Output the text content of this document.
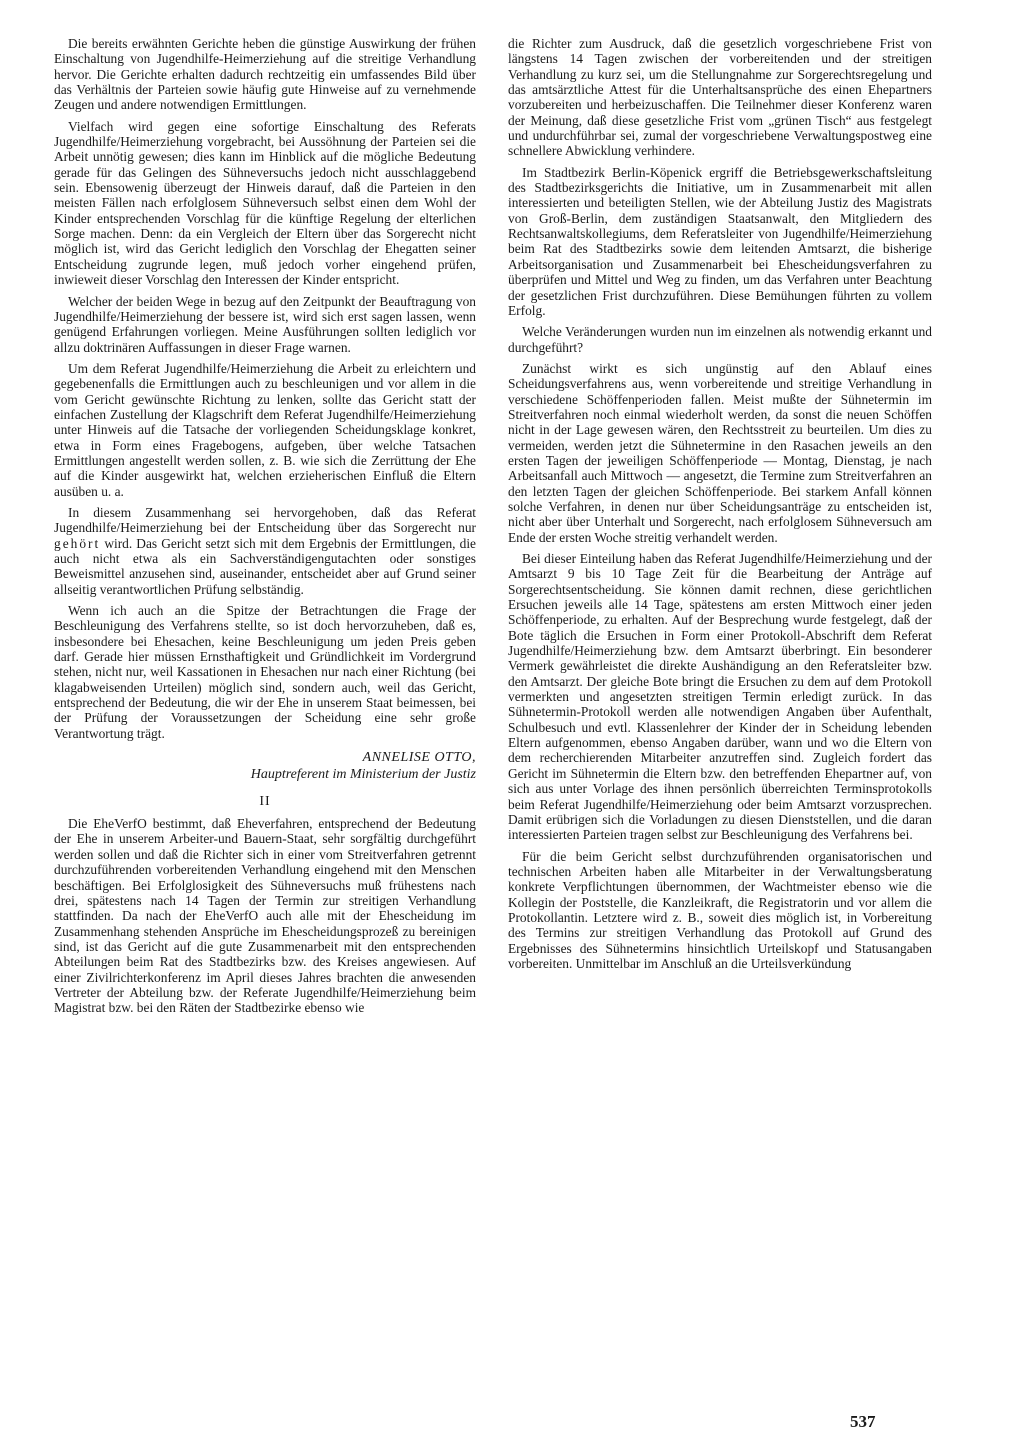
Die bereits erwähnten Gerichte heben die günstige Auswirkung der frühen Einschaltung von Jugendhilfe-Heimerziehung auf die streitige Verhandlung hervor. Die Gerichte erhalten dadurch rechtzeitig ein umfassendes Bild über das Verhältnis der Parteien sowie häufig gute Hinweise auf zu vernehmende Zeugen und andere notwendigen Ermittlungen.

Vielfach wird gegen eine sofortige Einschaltung des Referats Jugendhilfe/Heimerziehung vorgebracht, bei Aussöhnung der Parteien sei die Arbeit unnötig gewesen; dies kann im Hinblick auf die mögliche Bedeutung gerade für das Gelingen des Sühneversuchs jedoch nicht ausschlaggebend sein. Ebensowenig überzeugt der Hinweis darauf, daß die Parteien in den meisten Fällen nach erfolglosem Sühneversuch selbst einen dem Wohl der Kinder entsprechenden Vorschlag für die künftige Regelung der elterlichen Sorge machen. Denn: da ein Vergleich der Eltern über das Sorgerecht nicht möglich ist, wird das Gericht lediglich den Vorschlag der Ehegatten seiner Entscheidung zugrunde legen, muß jedoch vorher eingehend prüfen, inwieweit dieser Vorschlag den Interessen der Kinder entspricht.

Welcher der beiden Wege in bezug auf den Zeitpunkt der Beauftragung von Jugendhilfe/Heimerziehung der bessere ist, wird sich erst sagen lassen, wenn genügend Erfahrungen vorliegen. Meine Ausführungen sollten lediglich vor allzu doktrinären Auffassungen in dieser Frage warnen.

Um dem Referat Jugendhilfe/Heimerziehung die Arbeit zu erleichtern und gegebenenfalls die Ermittlungen auch zu beschleunigen und vor allem in die vom Gericht gewünschte Richtung zu lenken, sollte das Gericht statt der einfachen Zustellung der Klagschrift dem Referat Jugendhilfe/Heimerziehung unter Hinweis auf die Tatsache der vorliegenden Scheidungsklage konkret, etwa in Form eines Fragebogens, aufgeben, über welche Tatsachen Ermittlungen angestellt werden sollen, z. B. wie sich die Zerrüttung der Ehe auf die Kinder ausgewirkt hat, welchen erzieherischen Einfluß die Eltern ausüben u. a.

In diesem Zusammenhang sei hervorgehoben, daß das Referat Jugendhilfe/Heimerziehung bei der Entscheidung über das Sorgerecht nur gehört wird. Das Gericht setzt sich mit dem Ergebnis der Ermittlungen, die auch nicht etwa als ein Sachverständigengutachten oder sonstiges Beweismittel anzusehen sind, auseinander, entscheidet aber auf Grund seiner allseitig verantwortlichen Prüfung selbständig.

Wenn ich auch an die Spitze der Betrachtungen die Frage der Beschleunigung des Verfahrens stellte, so ist doch hervorzuheben, daß es, insbesondere bei Ehesachen, keine Beschleunigung um jeden Preis geben darf. Gerade hier müssen Ernsthaftigkeit und Gründlichkeit im Vordergrund stehen, nicht nur, weil Kassationen in Ehesachen nur nach einer Richtung (bei klagabweisenden Urteilen) möglich sind, sondern auch, weil das Gericht, entsprechend der Bedeutung, die wir der Ehe in unserem Staat beimessen, bei der Prüfung der Voraussetzungen der Scheidung eine sehr große Verantwortung trägt.

ANNELISE OTTO,
Hauptreferent im Ministerium der Justiz
II

Die EheVerfO bestimmt, daß Eheverfahren, entsprechend der Bedeutung der Ehe in unserem Arbeiter-und Bauern-Staat, sehr sorgfältig durchgeführt werden sollen und daß die Richter sich in einer vom Streitverfahren getrennt durchzuführenden vorbereitenden Verhandlung eingehend mit den Menschen beschäftigen. Bei Erfolglosigkeit des Sühneversuchs muß frühestens nach drei, spätestens nach 14 Tagen der Termin zur streitigen Verhandlung stattfinden. Da nach der EheVerfO auch alle mit der Ehescheidung im Zusammenhang stehenden Ansprüche im Ehescheidungsprozeß zu bereinigen sind, ist das Gericht auf die gute Zusammenarbeit mit den entsprechenden Abteilungen beim Rat des Stadtbezirks bzw. des Kreises angewiesen. Auf einer Zivilrichterkonferenz im April dieses Jahres brachten die anwesenden Vertreter der Abteilung bzw. der Referate Jugendhilfe/Heimerziehung beim Magistrat bzw. bei den Räten der Stadtbezirke ebenso wie

die Richter zum Ausdruck, daß die gesetzlich vorgeschriebene Frist von längstens 14 Tagen zwischen der vorbereitenden und der streitigen Verhandlung zu kurz sei, um die Stellungnahme zur Sorgerechtsregelung und das amtsärztliche Attest für die Unterhaltsansprüche des einen Ehepartners vorzubereiten und herbeizuschaffen. Die Teilnehmer dieser Konferenz waren der Meinung, daß diese gesetzliche Frist vom „grünen Tisch“ aus festgelegt und undurchführbar sei, zumal der vorgeschriebene Verwaltungspostweg eine schnellere Abwicklung verhindere.

Im Stadtbezirk Berlin-Köpenick ergriff die Betriebsgewerkschaftsleitung des Stadtbezirksgerichts die Initiative, um in Zusammenarbeit mit allen interessierten und beteiligten Stellen, wie der Abteilung Justiz des Magistrats von Groß-Berlin, dem zuständigen Staatsanwalt, den Mitgliedern des Rechtsanwaltskollegiums, dem Referatsleiter von Jugendhilfe/Heimerziehung beim Rat des Stadtbezirks sowie dem leitenden Amtsarzt, die bisherige Arbeitsorganisation und Zusammenarbeit bei Ehescheidungsverfahren zu überprüfen und Mittel und Weg zu finden, um das Verfahren unter Beachtung der gesetzlichen Frist durchzuführen. Diese Bemühungen führten zu vollem Erfolg.

Welche Veränderungen wurden nun im einzelnen als notwendig erkannt und durchgeführt?

Zunächst wirkt es sich ungünstig auf den Ablauf eines Scheidungsverfahrens aus, wenn vorbereitende und streitige Verhandlung in verschiedene Schöffenperioden fallen. Meist mußte der Sühnetermin im Streitverfahren noch einmal wiederholt werden, da sonst die neuen Schöffen nicht in der Lage gewesen wären, den Rechtsstreit zu beurteilen. Um dies zu vermeiden, werden jetzt die Sühnetermine in den Rasachen jeweils an den ersten Tagen der jeweiligen Schöffenperiode — Montag, Dienstag, je nach Arbeitsanfall auch Mittwoch — angesetzt, die Termine zum Streitverfahren an den letzten Tagen der gleichen Schöffenperiode. Bei starkem Anfall können solche Verfahren, in denen nur über Scheidungsanträge zu entscheiden ist, nicht aber über Unterhalt und Sorgerecht, nach erfolglosem Sühneversuch am Ende der ersten Woche streitig verhandelt werden.

Bei dieser Einteilung haben das Referat Jugendhilfe/Heimerziehung und der Amtsarzt 9 bis 10 Tage Zeit für die Bearbeitung der Anträge auf Sorgerechtsentscheidung. Sie können damit rechnen, diese gerichtlichen Ersuchen jeweils alle 14 Tage, spätestens am ersten Mittwoch einer jeden Schöffenperiode, zu erhalten. Auf der Besprechung wurde festgelegt, daß der Bote täglich die Ersuchen in Form einer Protokoll-Abschrift dem Referat Jugendhilfe/Heimerziehung bzw. dem Amtsarzt überbringt. Ein besonderer Vermerk gewährleistet die direkte Aushändigung an den Referatsleiter bzw. den Amtsarzt. Der gleiche Bote bringt die Ersuchen zu dem auf dem Protokoll vermerkten und angesetzten streitigen Termin erledigt zurück. In das Sühnetermin-Protokoll werden alle notwendigen Angaben über Aufenthalt, Schulbesuch und evtl. Klassenlehrer der Kinder der in Scheidung lebenden Eltern aufgenommen, ebenso Angaben darüber, wann und wo die Eltern von dem recherchierenden Mitarbeiter anzutreffen sind. Zugleich fordert das Gericht im Sühnetermin die Eltern bzw. den betreffenden Ehepartner auf, von sich aus unter Vorlage des ihnen persönlich überreichten Terminsprotokolls beim Referat Jugendhilfe/Heimerziehung oder beim Amtsarzt vorzusprechen. Damit erübrigen sich die Vorladungen zu diesen Dienststellen, und die daran interessierten Parteien tragen selbst zur Beschleunigung des Verfahrens bei.

Für die beim Gericht selbst durchzuführenden organisatorischen und technischen Arbeiten haben alle Mitarbeiter in der Verwaltungsberatung konkrete Verpflichtungen übernommen, der Wachtmeister ebenso wie die Kollegin der Poststelle, die Kanzleikraft, die Registratorin und vor allem die Protokollantin. Letztere wird z. B., soweit dies möglich ist, in Vorbereitung des Termins zur streitigen Verhandlung das Protokoll auf Grund des Ergebnisses des Sühnetermins hinsichtlich Urteilskopf und Statusangaben vorbereiten. Unmittelbar im Anschluß an die Urteilsverkündung

537
